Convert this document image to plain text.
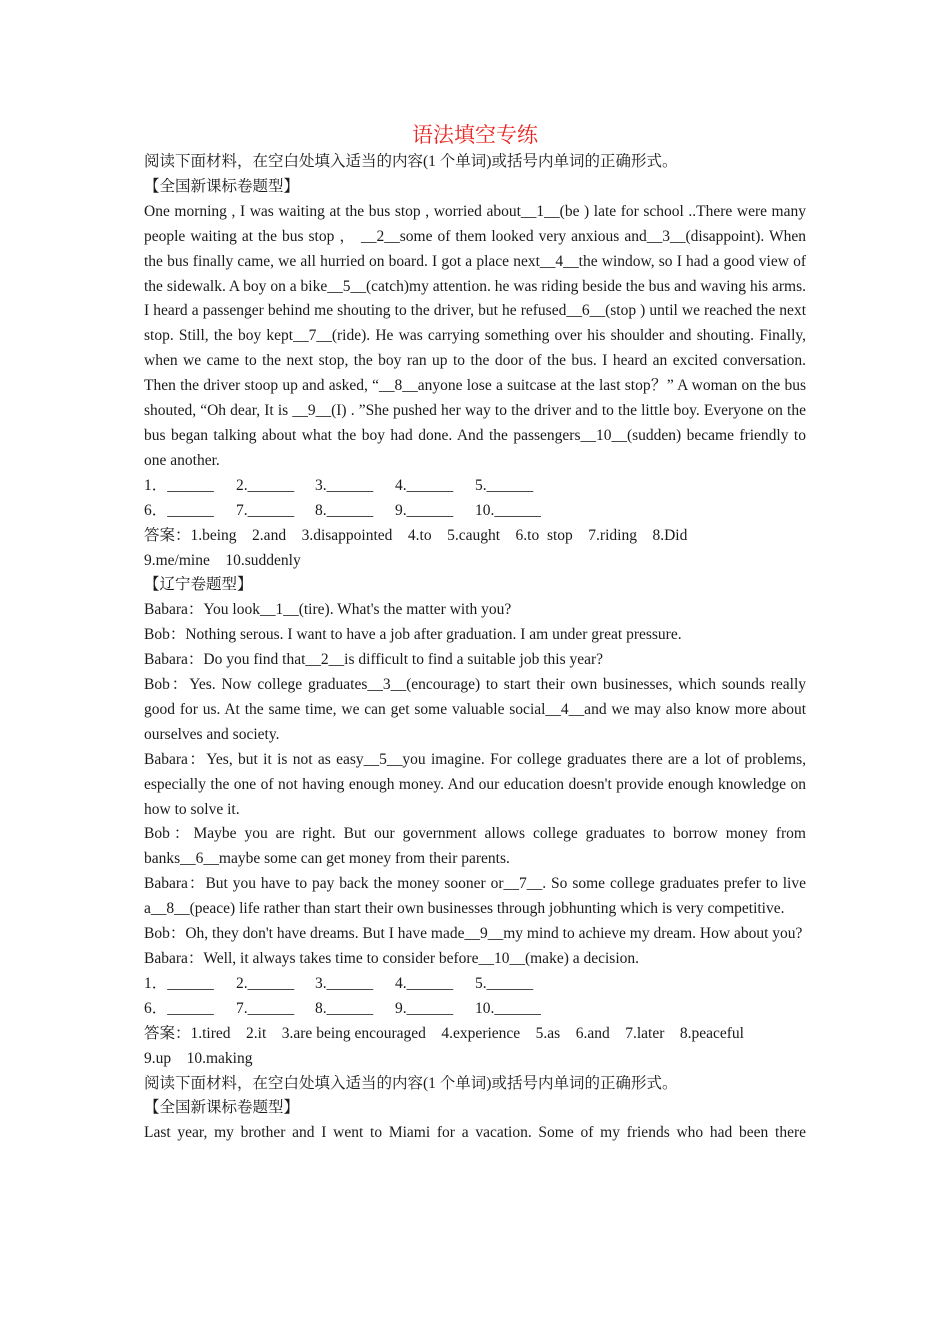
语法填空专练

阅读下面材料，在空白处填入适当的内容(1 个单词)或括号内单词的正确形式。

【全国新课标卷题型】

One morning , I was waiting at the bus stop , worried about__1__(be ) late for school ..There were many people waiting at the bus stop ， __2__some of them looked very anxious and__3__(disappoint). When the bus finally came, we all hurried on board. I got a place next__4__the window, so I had a good view of the sidewalk. A boy on a bike__5__(catch)my attention. he was riding beside the bus and waving his arms. I heard a passenger behind me shouting to the driver, but he refused__6__(stop ) until we reached the next stop. Still, the boy kept__7__(ride). He was carrying something over his shoulder and shouting. Finally, when we came to the next stop, the boy ran up to the door of the bus. I heard an excited conversation. Then the driver stoop up and asked, “__8__anyone lose a suitcase at the last stop？” A woman on the bus shouted, “Oh dear, It is __9__(I) . ”She pushed her way to the driver and to the little boy. Everyone on the bus began talking about what the boy had done. And the passengers__10__(sudden) became friendly to one another.

1．______	2.______	3.______	4.______	5.______
6．______	7.______	8.______	9.______	10.______

答案：1.being    2.and    3.disappointed    4.to    5.caught    6.to  stop    7.riding    8.Did

9.me/mine    10.suddenly

【辽宁卷题型】

Babara：You look__1__(tire). What's the matter with you?

Bob：Nothing serous. I want to have a job after graduation. I am under great pressure.

Babara：Do you find that__2__is difficult to find a suitable job this year?

Bob：Yes. Now college graduates__3__(encourage) to start their own businesses, which sounds really good for us. At the same time, we can get some valuable social__4__and we may also know more about ourselves and society.

Babara：Yes, but it is not as easy__5__you imagine. For college graduates there are a lot of problems, especially the one of not having enough money. And our education doesn't provide enough knowledge on how to solve it.

Bob：Maybe you are right. But our government allows college graduates to borrow money from banks__6__maybe some can get money from their parents.

Babara：But you have to pay back the money sooner or__7__. So some college graduates prefer to live a__8__(peace) life rather than start their own businesses through jobhunting which is very competitive.

Bob：Oh, they don't have dreams. But I have made__9__my mind to achieve my dream. How about you?

Babara：Well, it always takes time to consider before__10__(make) a decision.

1．______	2.______	3.______	4.______	5.______
6．______	7.______	8.______	9.______	10.______

答案：1.tired    2.it    3.are being encouraged    4.experience    5.as    6.and    7.later    8.peaceful

9.up    10.making

阅读下面材料，在空白处填入适当的内容(1 个单词)或括号内单词的正确形式。

【全国新课标卷题型】

Last year, my brother and I went to Miami for a vacation. Some of my friends who had been there
